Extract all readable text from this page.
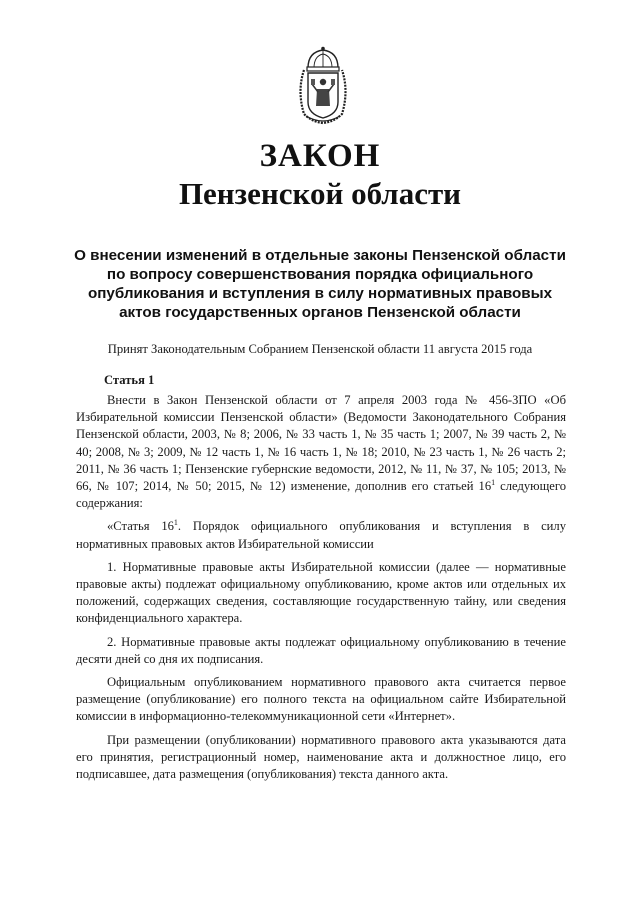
ЗАКОН
Пензенской области
О внесении изменений в отдельные законы Пензенской области
по вопросу совершенствования порядка официального
опубликования и вступления в силу нормативных правовых
актов государственных органов Пензенской области

Принят Законодательным Собранием Пензенской области 11 августа 2015 года

Статья 1

Внести в Закон Пензенской области от 7 апреля 2003 года № 456-ЗПО «Об Избирательной комиссии Пензенской области» (Ведомости Законодательного Собрания Пензенской области, 2003, № 8; 2006, № 33 часть 1, № 35 часть 1; 2007, № 39 часть 2, № 40; 2008, № 3; 2009, № 12 часть 1, № 16 часть 1, № 18; 2010, № 23 часть 1, № 26 часть 2; 2011, № 36 часть 1; Пензенские губернские ведомости, 2012, № 11, № 37, № 105; 2013, № 66, № 107; 2014, № 50; 2015, № 12) изменение, дополнив его статьей $16^1$ следующего содержания:

«Статья $16^1$. Порядок официального опубликования и вступления в силу нормативных правовых актов Избирательной комиссии

1. Нормативные правовые акты Избирательной комиссии (далее — нормативные правовые акты) подлежат официальному опубликованию, кроме актов или отдельных их положений, содержащих сведения, составляющие государственную тайну, или сведения конфиденциального характера.

2. Нормативные правовые акты подлежат официальному опубликованию в течение десяти дней со дня их подписания.

Официальным опубликованием нормативного правового акта считается первое размещение (опубликование) его полного текста на официальном сайте Избирательной комиссии в информационно-телекоммуникационной сети «Интернет».

При размещении (опубликовании) нормативного правового акта указываются дата его принятия, регистрационный номер, наименование акта и должностное лицо, его подписавшее, дата размещения (опубликования) текста данного акта.
